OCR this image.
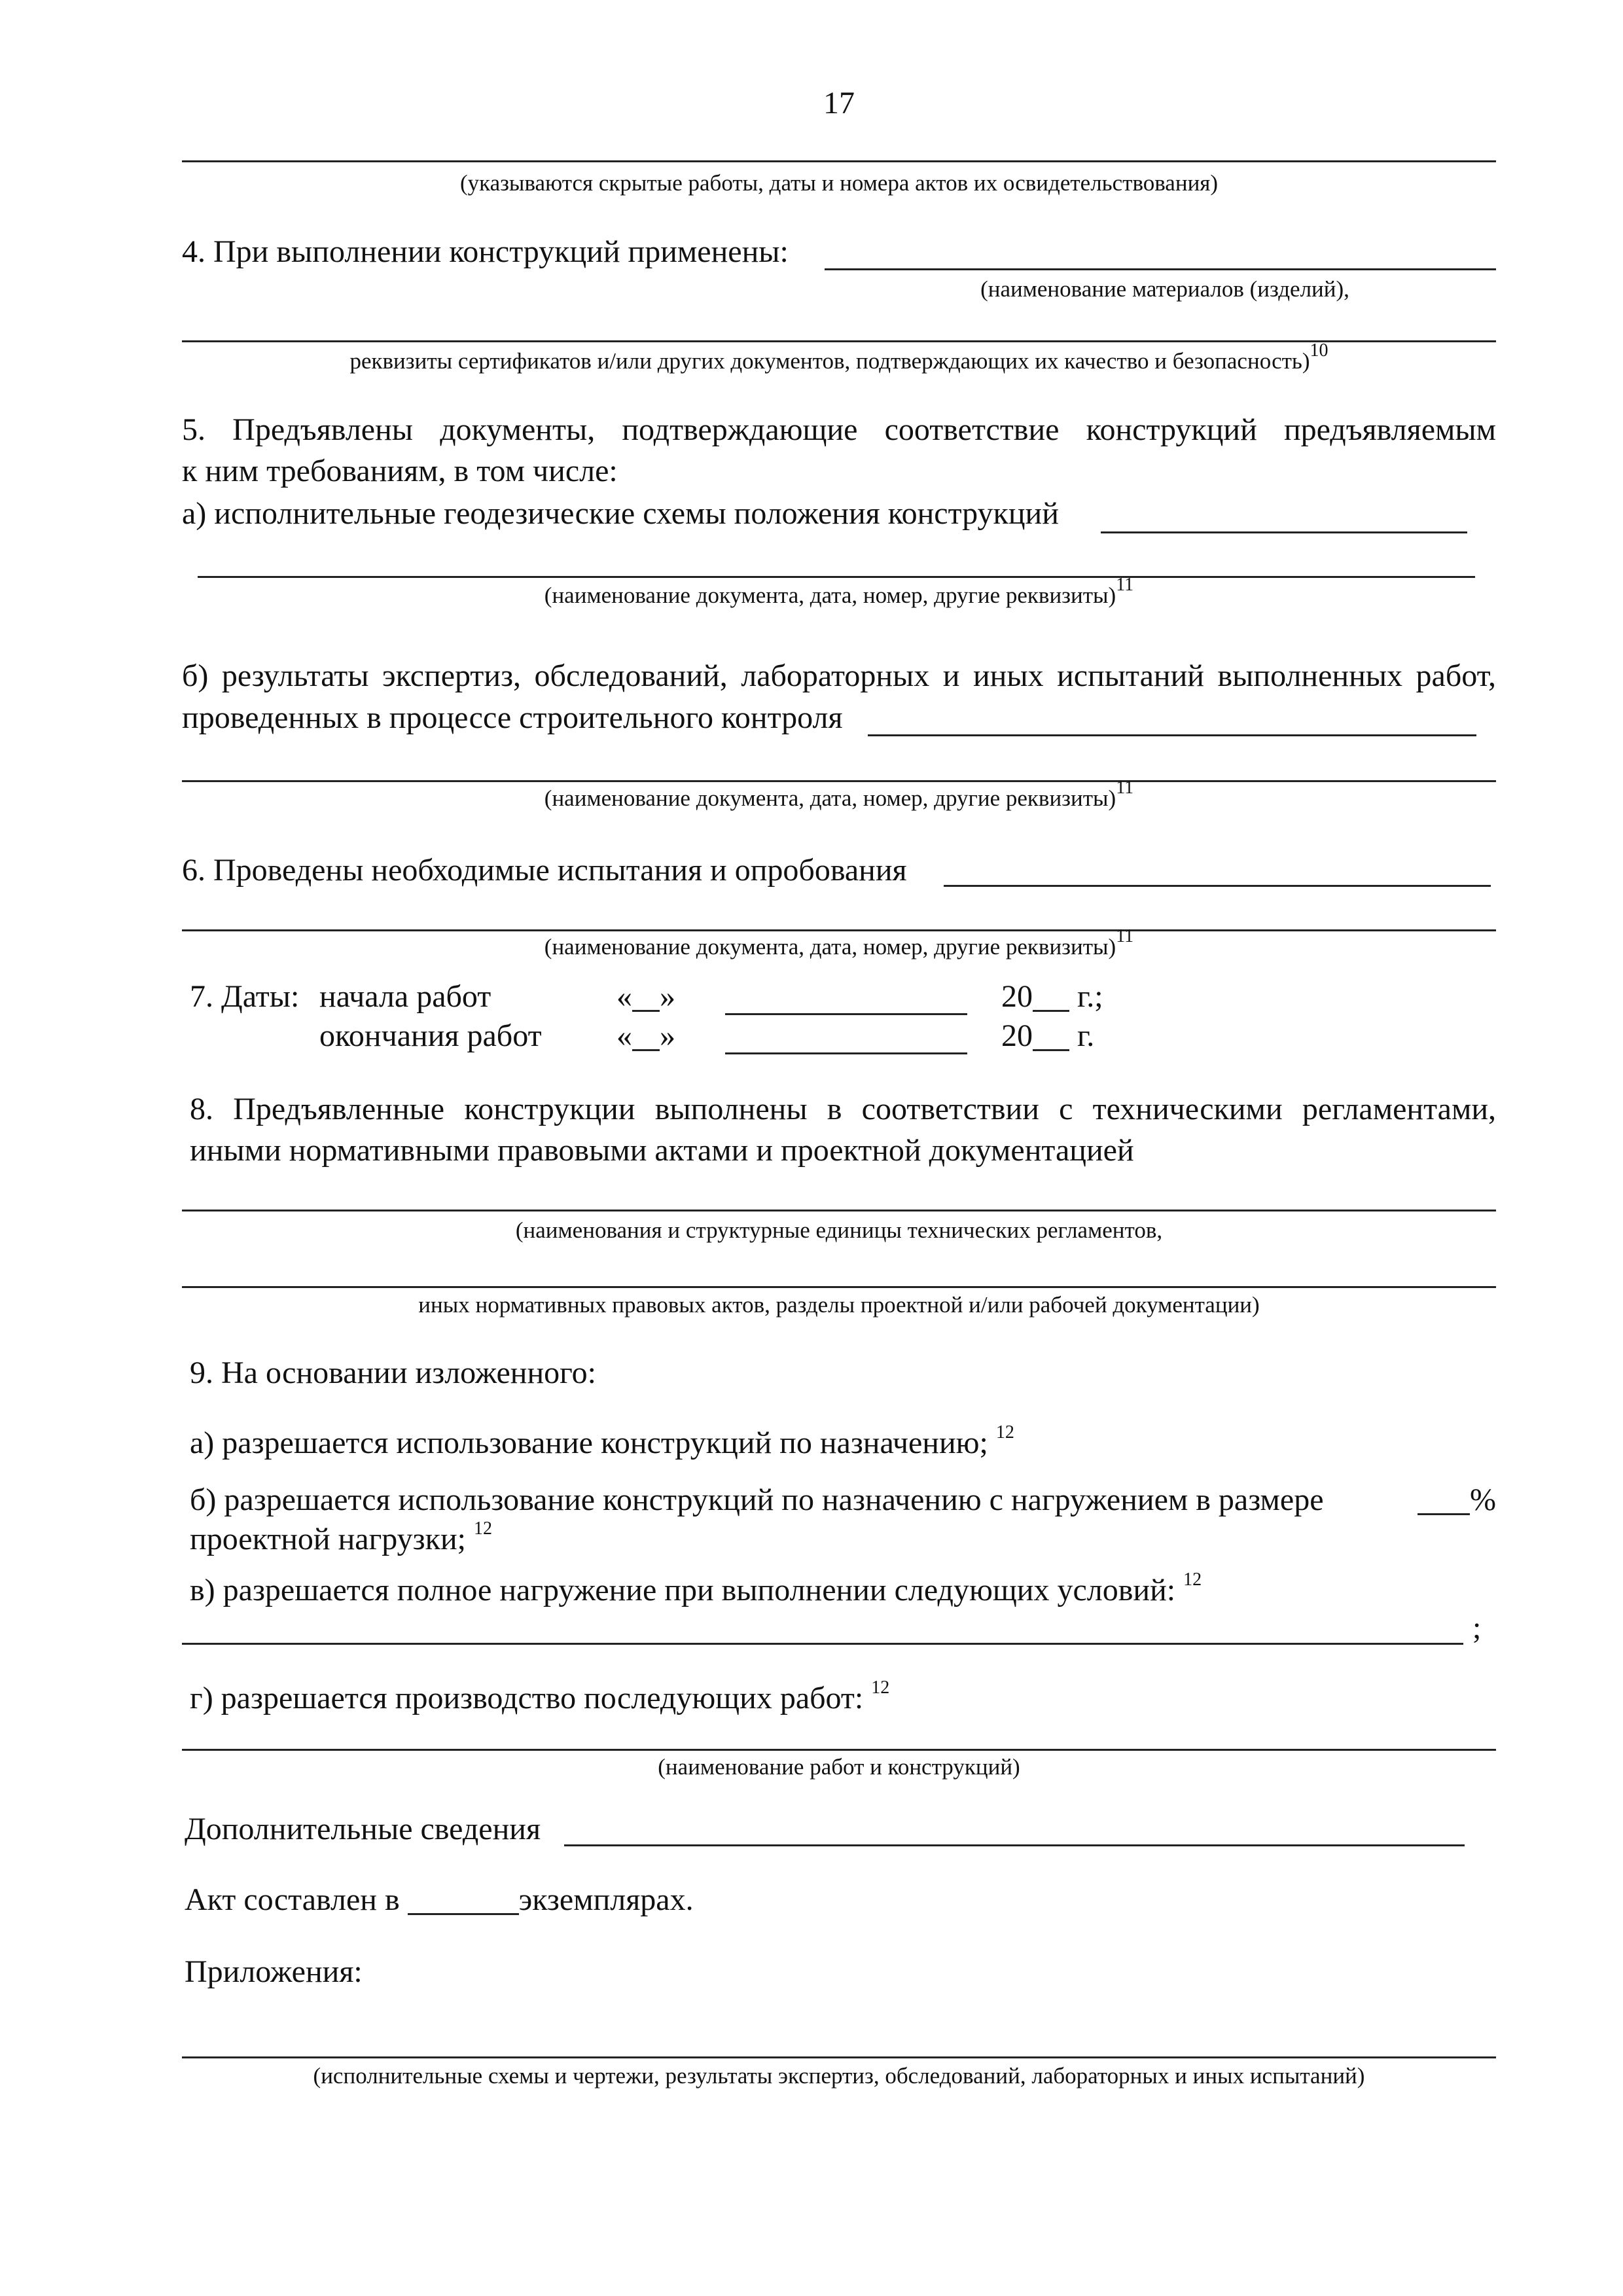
17
(указываются скрытые работы, даты и номера актов их освидетельствования)
4. При выполнении конструкций применены:
(наименование материалов (изделий),
реквизиты сертификатов и/или других документов, подтверждающих их качество и безопасность)$^{10}$
5. Предъявлены документы, подтверждающие соответствие конструкций предъявляемым
к ним требованиям, в том числе:
а) исполнительные геодезические схемы положения конструкций
(наименование документа, дата, номер, другие реквизиты)$^{11}$
б) результаты экспертиз, обследований, лабораторных и иных испытаний выполненных работ,
проведенных в процессе строительного контроля
(наименование документа, дата, номер, другие реквизиты)$^{11}$
6. Проведены необходимые испытания и опробования
(наименование документа, дата, номер, другие реквизиты)$^{11}$
7. Даты: начала работ	« »	20 г.;
окончания работ « »	20 г.
8. Предъявленные конструкции выполнены в соответствии с техническими регламентами,
иными нормативными правовыми актами и проектной документацией
(наименования и структурные единицы технических регламентов,
иных нормативных правовых актов, разделы проектной и/или рабочей документации)
9. На основании изложенного:
а) разрешается использование конструкций по назначению; $^{12}$
б) разрешается использование конструкций по назначению с нагружением в размере	%
проектной нагрузки; $^{12}$
в) разрешается полное нагружение при выполнении следующих условий: $^{12}$
;
г) разрешается производство последующих работ: $^{12}$
(наименование работ и конструкций)
Дополнительные сведения
Акт составлен в	экземплярах.
Приложения:
(исполнительные схемы и чертежи, результаты экспертиз, обследований, лабораторных и иных испытаний)
